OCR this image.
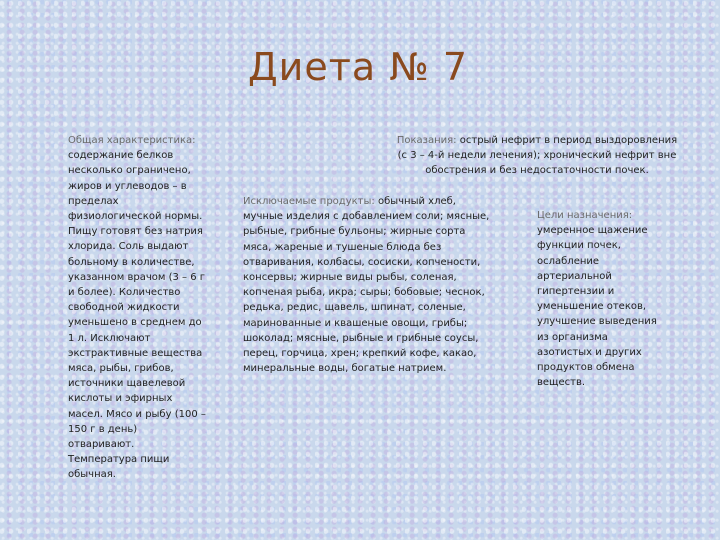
Диета № 7
Общая характеристика: содержание белков несколько ограничено, жиров и углеводов – в пределах физиологической нормы. Пищу готовят без натрия хлорида. Соль выдают больному в количестве, указанном врачом (3 – 6 г и более). Количество свободной жидкости уменьшено в среднем до 1 л. Исключают экстрактивные вещества мяса, рыбы, грибов, источники щавелевой кислоты и эфирных масел. Мясо и рыбу (100 – 150 г в день) отваривают. Температура пищи обычная.
Показания: острый нефрит в период выздоровления (с 3 – 4-й недели лечения); хронический нефрит вне обострения и без недостаточности почек.
Исключаемые продукты: обычный хлеб, мучные изделия с добавлением соли; мясные, рыбные, грибные бульоны; жирные сорта мяса, жареные и тушеные блюда без отваривания, колбасы, сосиски, копчености, консервы; жирные виды рыбы, соленая, копченая рыба, икра; сыры; бобовые; чеснок, редька, редис, щавель, шпинат, соленые, маринованные и квашеные овощи, грибы; шоколад; мясные, рыбные и грибные соусы, перец, горчица, хрен; крепкий кофе, какао, минеральные воды, богатые натрием.
Цели назначения: умеренное щажение функции почек, ослабление артериальной гипертензии и уменьшение отеков, улучшение выведения из организма азотистых и других продуктов обмена веществ.
